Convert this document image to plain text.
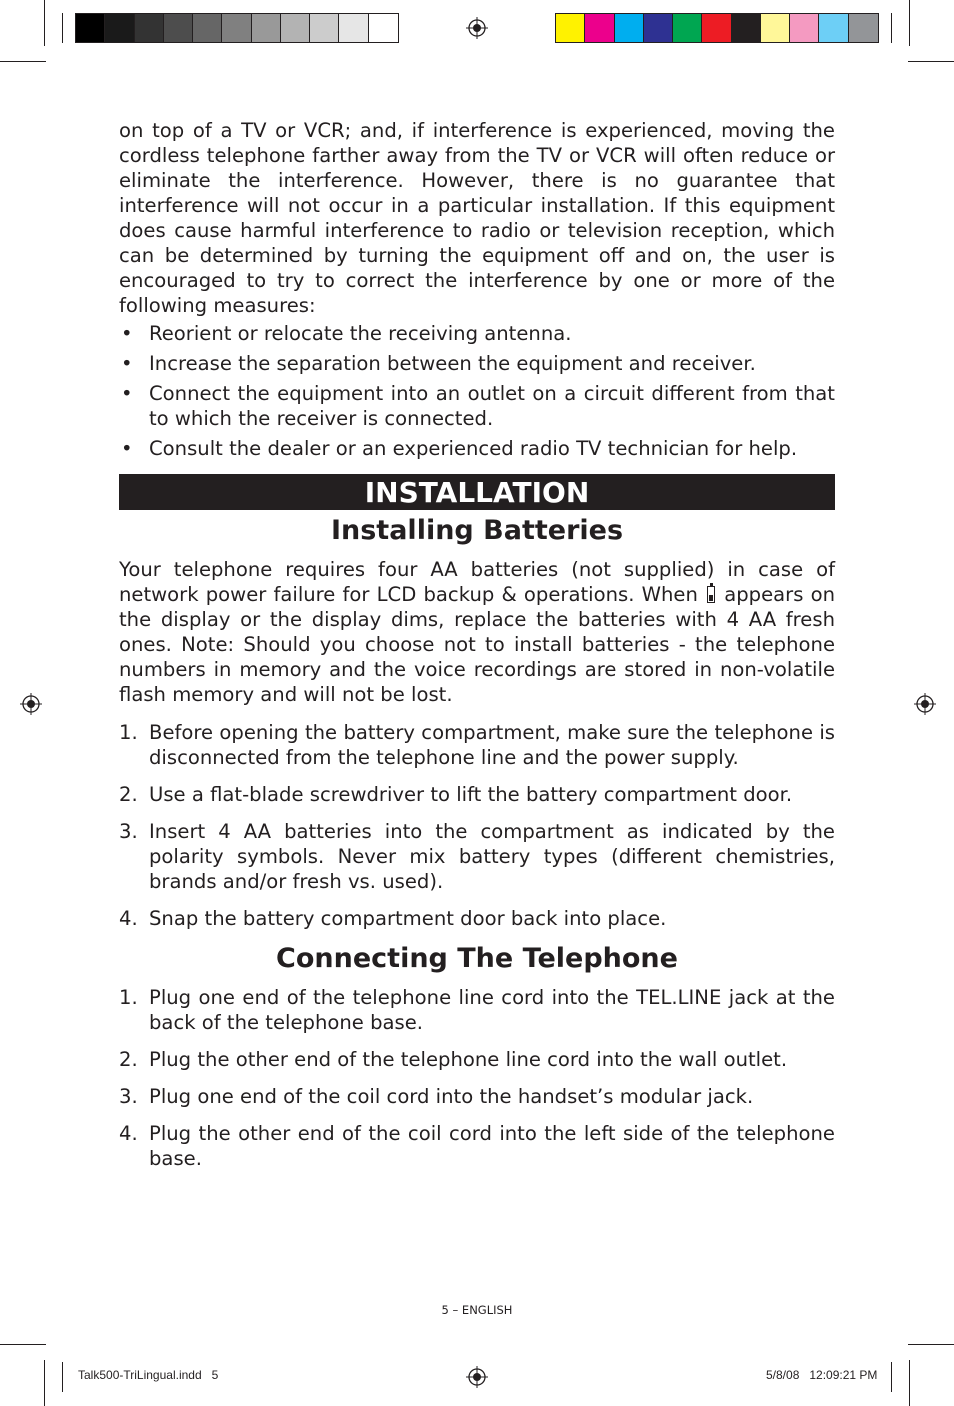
on top of a TV or VCR; and, if interference is experienced, moving the cordless telephone farther away from the TV or VCR will often reduce or eliminate the interference. However, there is no guarantee that interference will not occur in a particular installation. If this equipment does cause harmful interference to radio or television reception, which can be determined by turning the equipment off and on, the user is encouraged to try to correct the interference by one or more of the following measures:

• Reorient or relocate the receiving antenna.
• Increase the separation between the equipment and receiver.
• Connect the equipment into an outlet on a circuit different from that to which the receiver is connected.
• Consult the dealer or an experienced radio TV technician for help.
INSTALLATION
Installing Batteries

Your telephone requires four AA batteries (not supplied) in case of network power failure for LCD backup & operations. When appears on the display or the display dims, replace the batteries with 4 AA fresh ones. Note: Should you choose not to install batteries - the telephone numbers in memory and the voice recordings are stored in non-volatile flash memory and will not be lost.

1. Before opening the battery compartment, make sure the telephone is disconnected from the telephone line and the power supply.
2. Use a flat-blade screwdriver to lift the battery compartment door.
3. Insert 4 AA batteries into the compartment as indicated by the polarity symbols. Never mix battery types (different chemistries, brands and/or fresh vs. used).
4. Snap the battery compartment door back into place.
Connecting The Telephone
1. Plug one end of the telephone line cord into the TEL.LINE jack at the back of the telephone base.
2. Plug the other end of the telephone line cord into the wall outlet.
3. Plug one end of the coil cord into the handset’s modular jack.
4. Plug the other end of the coil cord into the left side of the telephone base.
5 – ENGLISH
Talk500-TriLingual.indd   5	5/8/08   12:09:21 PM
